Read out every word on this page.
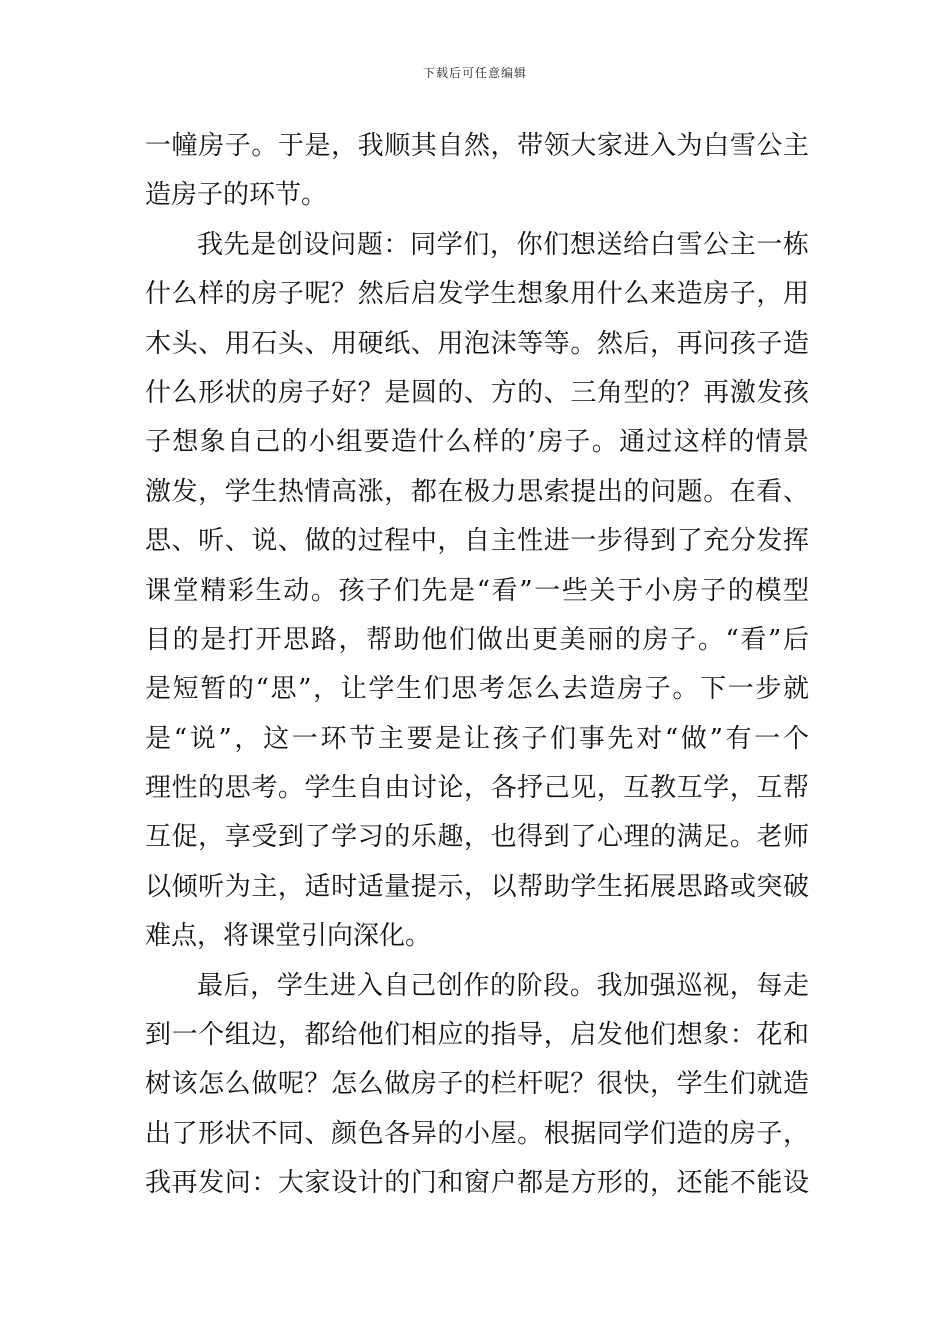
下载后可任意编辑
一幢房子。于是，我顺其自然，带领大家进入为白雪公主
造房子的环节。
我先是创设问题：同学们，你们想送给白雪公主一栋
什么样的房子呢？然后启发学生想象用什么来造房子，用
木头、用石头、用硬纸、用泡沫等等。然后，再问孩子造
什么形状的房子好？是圆的、方的、三角型的？再激发孩
子想象自己的小组要造什么样的’房子。通过这样的情景
激发，学生热情高涨，都在极力思索提出的问题。在看、
思、听、说、做的过程中，自主性进一步得到了充分发挥
课堂精彩生动。孩子们先是“看”一些关于小房子的模型
目的是打开思路，帮助他们做出更美丽的房子。“看”后
是短暂的“思”，让学生们思考怎么去造房子。下一步就
是“说”，这一环节主要是让孩子们事先对“做”有一个
理性的思考。学生自由讨论，各抒己见，互教互学，互帮
互促，享受到了学习的乐趣，也得到了心理的满足。老师
以倾听为主，适时适量提示，以帮助学生拓展思路或突破
难点，将课堂引向深化。
最后，学生进入自己创作的阶段。我加强巡视，每走
到一个组边，都给他们相应的指导，启发他们想象：花和
树该怎么做呢？怎么做房子的栏杆呢？很快，学生们就造
出了形状不同、颜色各异的小屋。根据同学们造的房子，
我再发问：大家设计的门和窗户都是方形的，还能不能设
